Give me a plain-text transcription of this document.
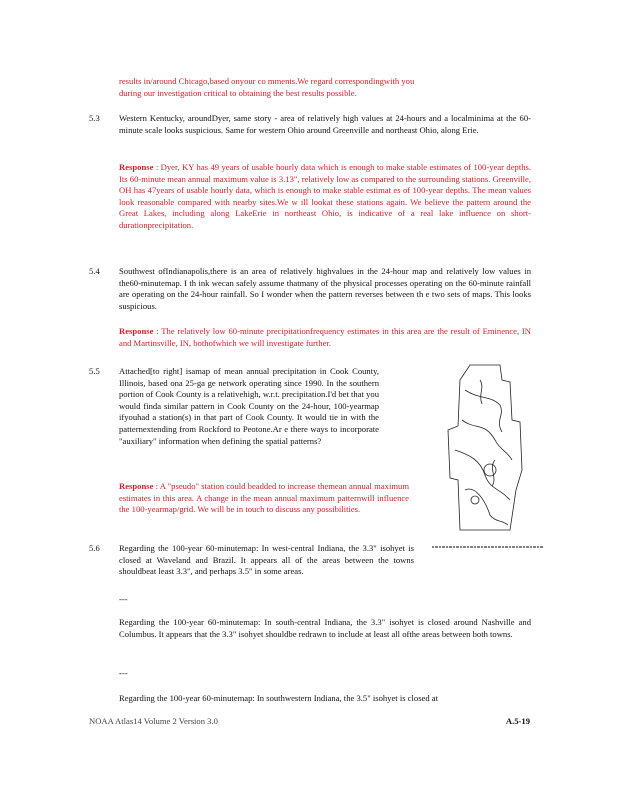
results in/around Chicago,based onyour co mments.We regard correspondingwith you
during our investigation critical to obtaining the best results possible.
5.3 Western Kentucky, aroundDyer, same story - area of relatively high values at 24-hours and a localminima at the 60-minute scale looks suspicious. Same for western Ohio around Greenville and northeast Ohio, along Erie.
Response : Dyer, KY has 49 years of usable hourly data which is enough to make stable estimates of 100-year depths. Its 60-minute mean annual maximum value is 3.13", relatively low as compared to the surrounding stations. Greenville, OH has 47years of usable hourly data, which is enough to make stable estimat es of 100-year depths. The mean values look reasonable compared with nearby sites.We w ill lookat these stations again. We believe the pattern around the Great Lakes, including along LakeErie in northeast Ohio, is indicative of a real lake influence on short-durationprecipitation.
5.4 Southwest ofIndianapolis,there is an area of relatively highvalues in the 24-hour map and relatively low values in the60-minutemap. I th ink wecan safely assume thatmany of the physical processes operating on the 60-minute rainfall are operating on the 24-hour rainfall. So I wonder when the pattern reverses between th e two sets of maps. This looks suspicious.
Response : The relatively low 60-minute precipitationfrequency estimates in this area are the result of Eminence, IN and Martinsville, IN, bothofwhich we will investigate further.
5.5 Attached[to right] isamap of mean annual precipitation in Cook County, Illinois, based ona 25-ga ge network operating since 1990. In the southern portion of Cook County is a relativehigh, w.r.t. precipitation.I'd bet that you would finda similar pattern in Cook County on the 24-hour, 100-yearmap ifyouhad a station(s) in that part of Cook County. It would tie in with the patternextending from Rockford to Peotone.Ar e there ways to incorporate "auxiliary" information when defining the spatial patterns?
Response : A "pseudo" station could beadded to increase themean annual maximum estimates in this area. A change in the mean annual maximum patternwill influence the 100-yearmap/grid. We will be in touch to discuss any possibilities.
5.6 Regarding the 100-year 60-minutemap: In west-central Indiana, the 3.3" isohyet is closed at Waveland and Brazil. It appears all of the areas between the towns shouldbeat least 3.3", and perhaps 3.5" in some areas.
---
Regarding the 100-year 60-minutemap: In south-central Indiana, the 3.3" isohyet is closed around Nashville and Columbus. It appears that the 3.3" isohyet shouldbe redrawn to include at least all ofthe areas between both towns.
---
Regarding the 100-year 60-minutemap: In southwestern Indiana, the 3.5" isohyet is closed at
NOAA Atlas14 Volume 2 Version 3.0	A.5-19
